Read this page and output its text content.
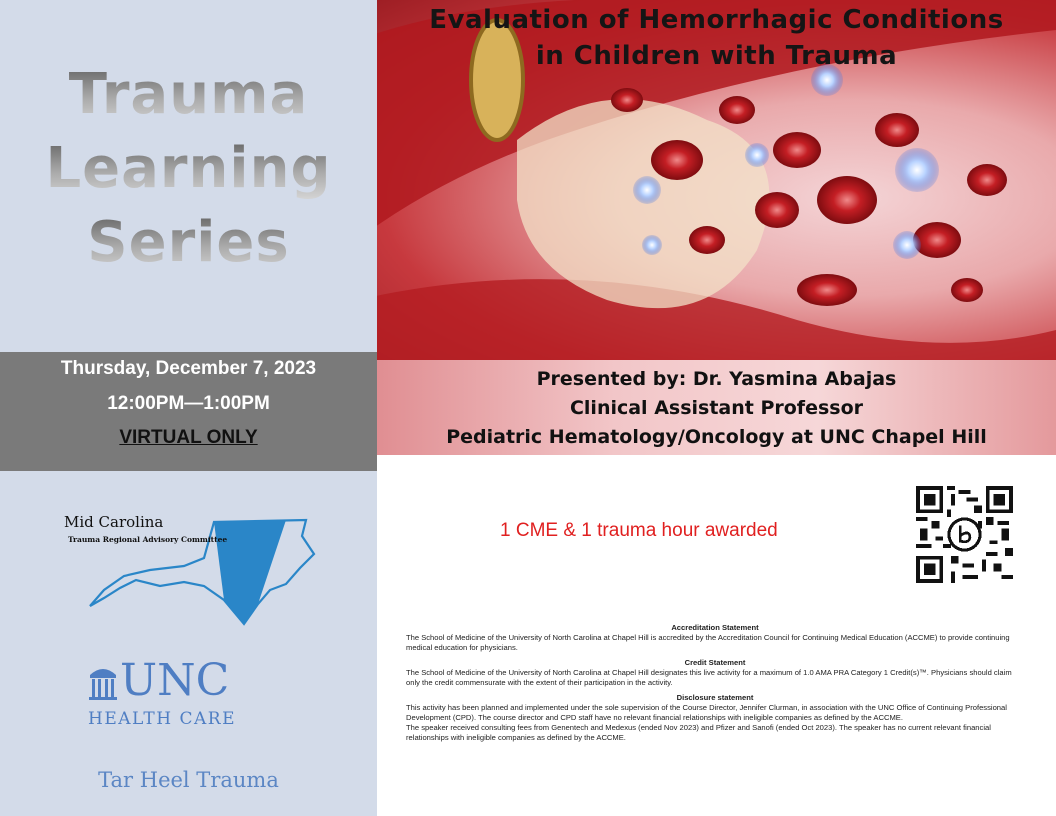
Trauma
Learning
Series
Thursday, December 7, 2023
12:00PM—1:00PM
VIRTUAL ONLY
Mid Carolina
Trauma Regional Advisory Committee
UNC
HEALTH CARE
Tar Heel Trauma
Evaluation of Hemorrhagic Conditions
in Children with Trauma
Presented by: Dr. Yasmina Abajas
Clinical Assistant Professor
Pediatric Hematology/Oncology at UNC Chapel Hill
1 CME & 1 trauma hour awarded
Accreditation Statement

The School of Medicine of the University of North Carolina at Chapel Hill is accredited by the Accreditation Council for Continuing Medical Education (ACCME) to provide continuing medical education for physicians.

Credit Statement

The School of Medicine of the University of North Carolina at Chapel Hill designates this live activity for a maximum of 1.0 AMA PRA Category 1 Credit(s)™. Physicians should claim only the credit commensurate with the extent of their participation in the activity.

Disclosure statement

This activity has been planned and implemented under the sole supervision of the Course Director, Jennifer Clurman, in association with the UNC Office of Continuing Professional Development (CPD). The course director and CPD staff have no relevant financial relationships with ineligible companies as defined by the ACCME.

The speaker received consulting fees from Genentech and Medexus (ended Nov 2023) and Pfizer and Sanofi (ended Oct 2023). The speaker has no current relevant financial relationships with ineligible companies as defined by the ACCME.
